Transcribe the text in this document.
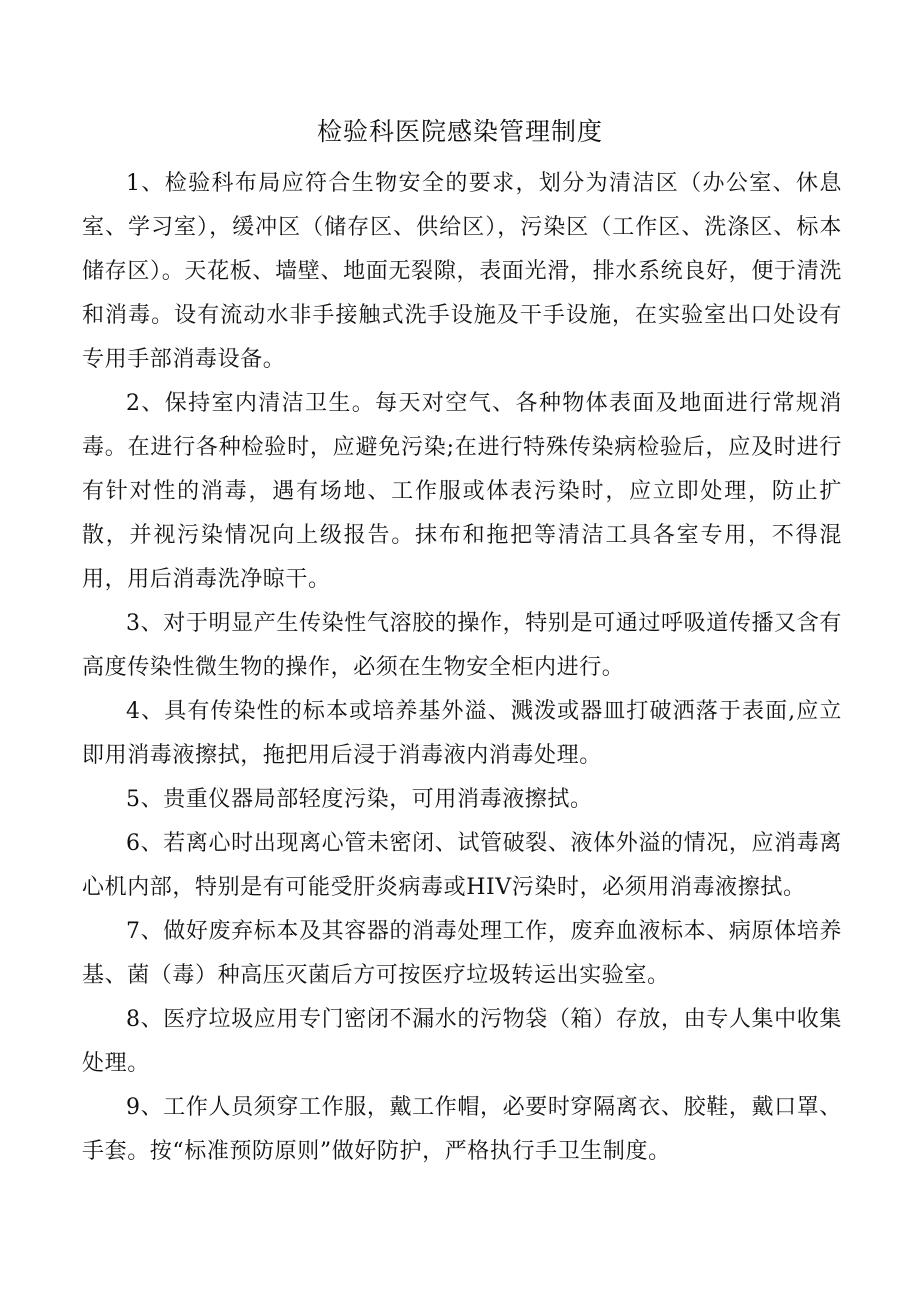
检验科医院感染管理制度

1、检验科布局应符合生物安全的要求，划分为清洁区（办公室、休息室、学习室），缓冲区（储存区、供给区），污染区（工作区、洗涤区、标本储存区）。天花板、墙壁、地面无裂隙，表面光滑，排水系统良好，便于清洗和消毒。设有流动水非手接触式洗手设施及干手设施，在实验室出口处设有专用手部消毒设备。

2、保持室内清洁卫生。每天对空气、各种物体表面及地面进行常规消毒。在进行各种检验时，应避免污染;在进行特殊传染病检验后，应及时进行有针对性的消毒，遇有场地、工作服或体表污染时，应立即处理，防止扩散，并视污染情况向上级报告。抹布和拖把等清洁工具各室专用，不得混用，用后消毒洗净晾干。

3、对于明显产生传染性气溶胶的操作，特别是可通过呼吸道传播又含有高度传染性微生物的操作，必须在生物安全柜内进行。

4、具有传染性的标本或培养基外溢、溅泼或器皿打破洒落于表面,应立即用消毒液擦拭，拖把用后浸于消毒液内消毒处理。

5、贵重仪器局部轻度污染，可用消毒液擦拭。

6、若离心时出现离心管未密闭、试管破裂、液体外溢的情况，应消毒离心机内部，特别是有可能受肝炎病毒或HIV污染时，必须用消毒液擦拭。

7、做好废弃标本及其容器的消毒处理工作，废弃血液标本、病原体培养基、菌（毒）种高压灭菌后方可按医疗垃圾转运出实验室。

8、医疗垃圾应用专门密闭不漏水的污物袋（箱）存放，由专人集中收集处理。

9、工作人员须穿工作服，戴工作帽，必要时穿隔离衣、胶鞋，戴口罩、手套。按“标准预防原则”做好防护，严格执行手卫生制度。
